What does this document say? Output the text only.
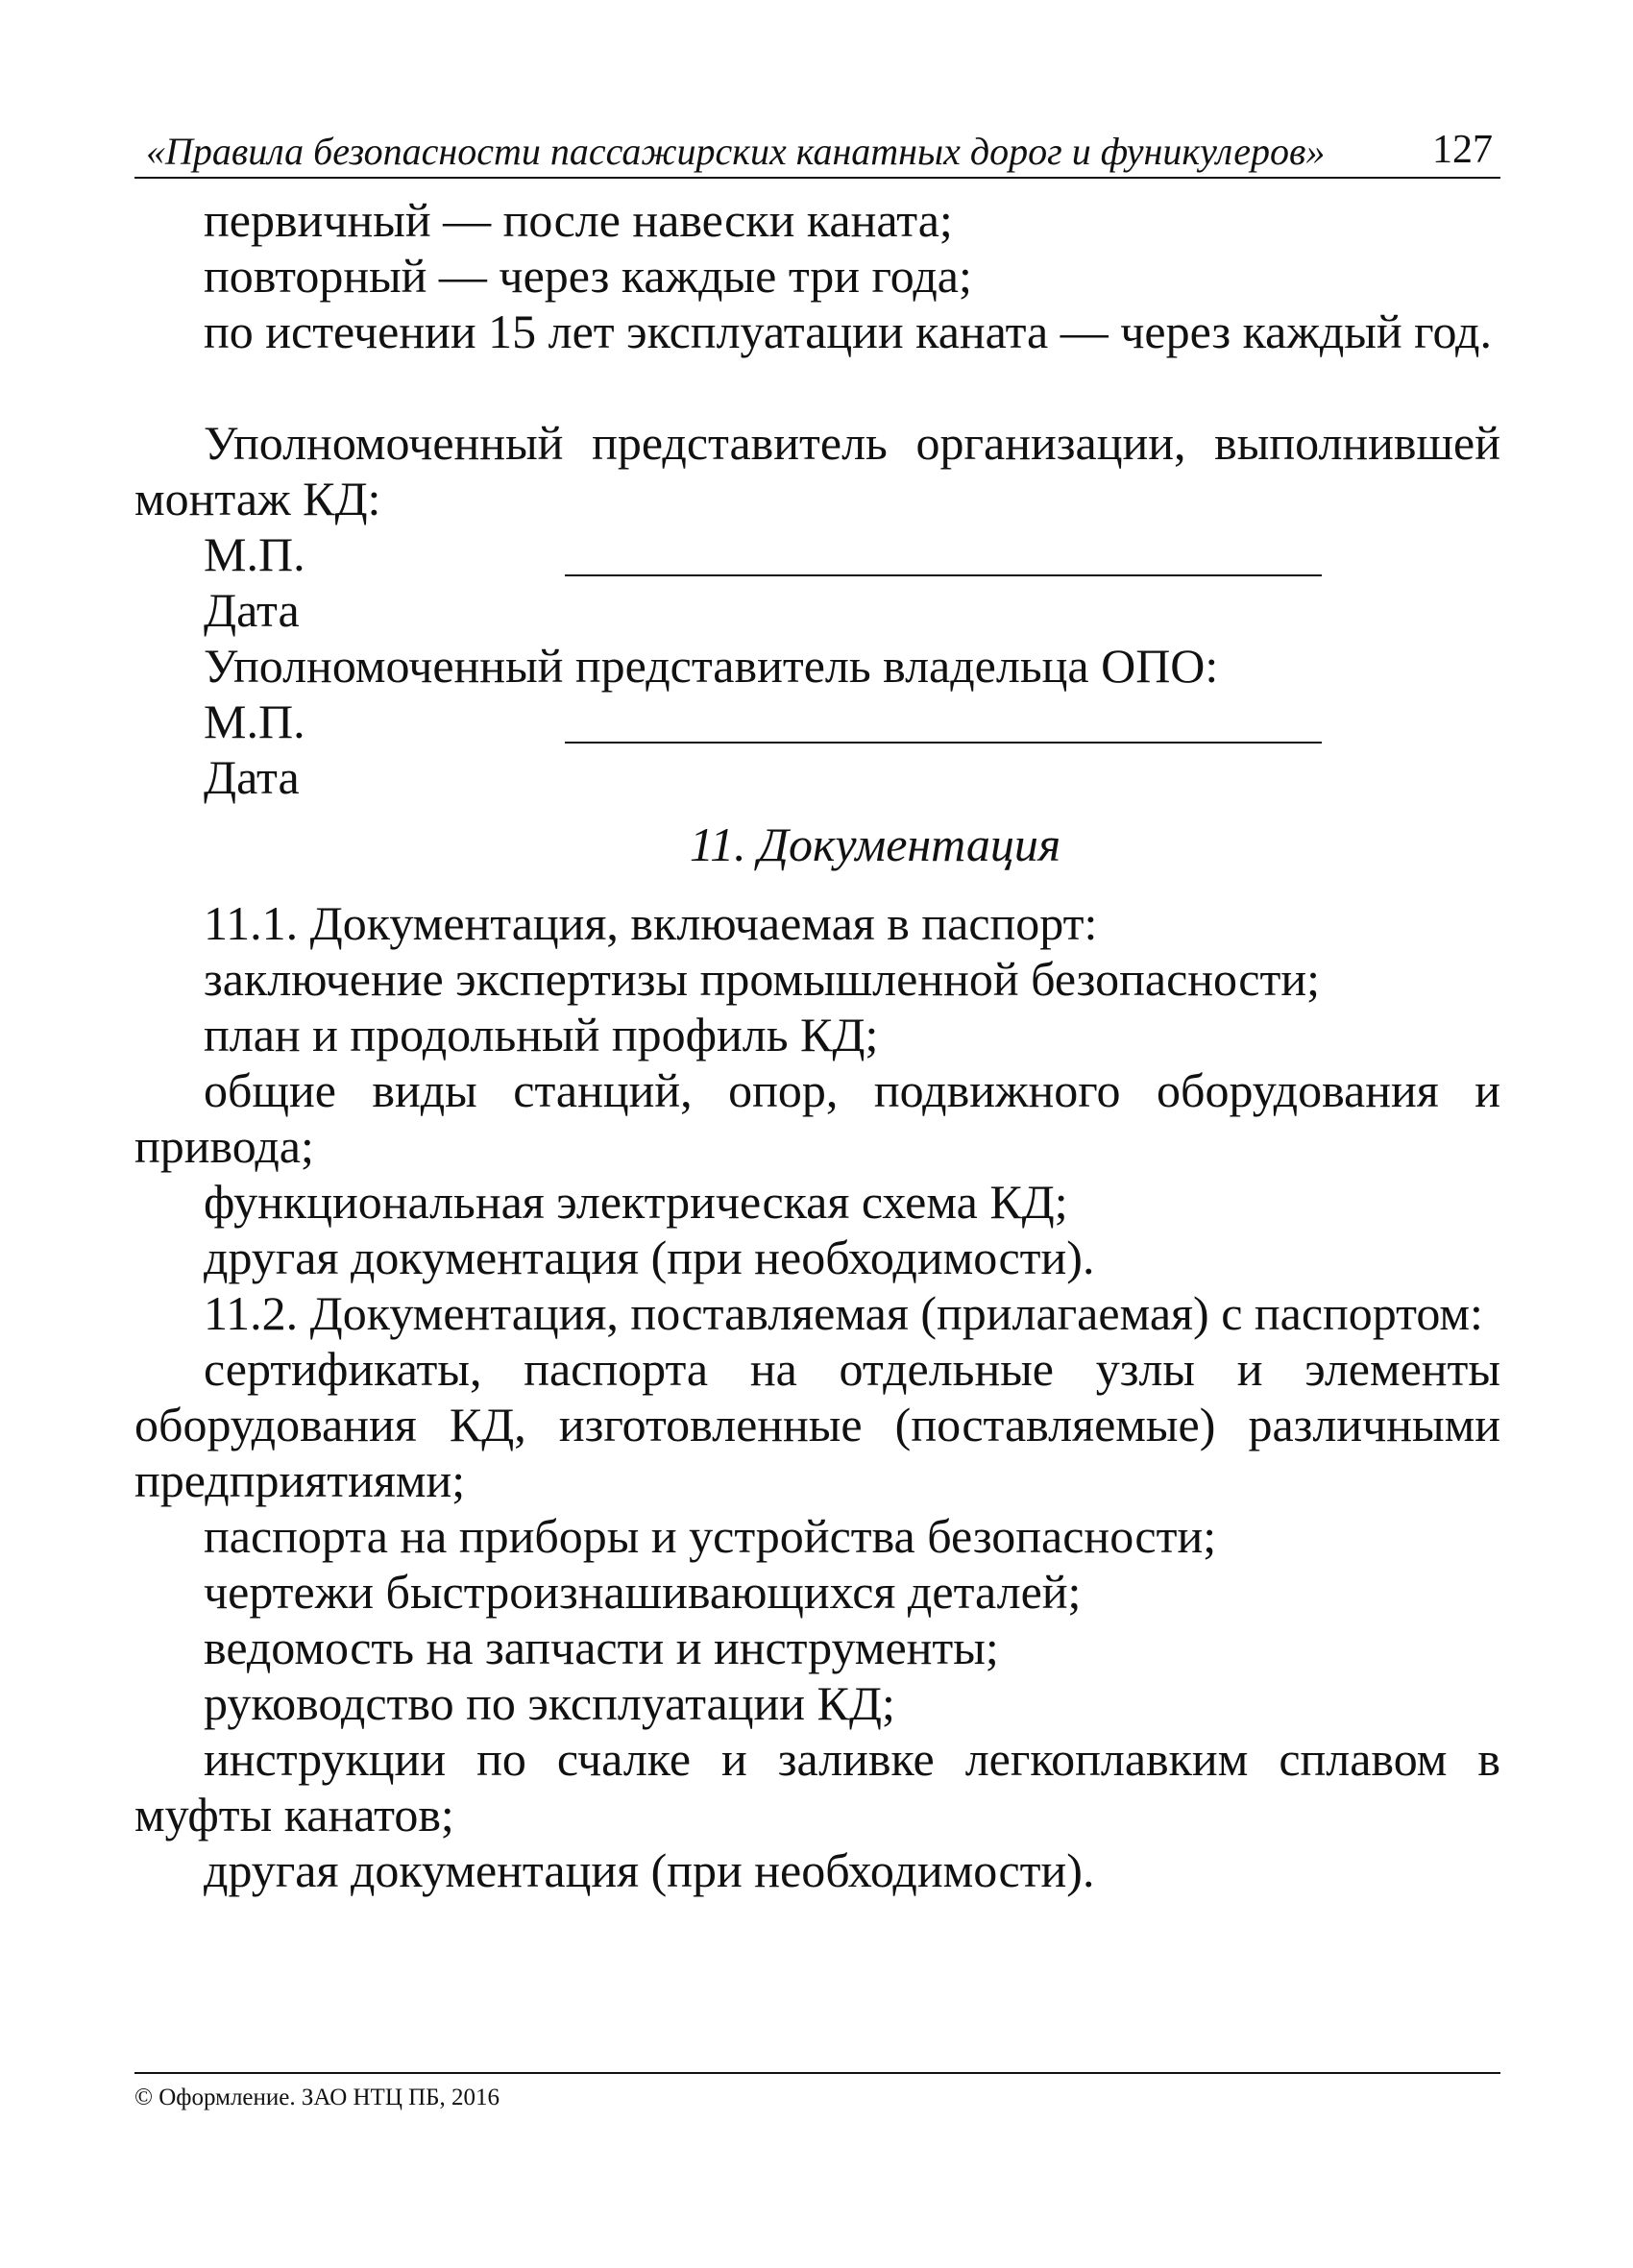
«Правила безопасности пассажирских канатных дорог и фуникулеров»	127
первичный — после навески каната;
повторный — через каждые три года;
по истечении 15 лет эксплуатации каната — через каждый год.
Уполномоченный представитель организации, выполнившей монтаж КД:
М.П.
Дата
Уполномоченный представитель владельца ОПО:
М.П.
Дата
11. Документация
11.1. Документация, включаемая в паспорт:
заключение экспертизы промышленной безопасности;
план и продольный профиль КД;
общие виды станций, опор, подвижного оборудования и привода;
функциональная электрическая схема КД;
другая документация (при необходимости).
11.2. Документация, поставляемая (прилагаемая) с паспортом:
сертификаты, паспорта на отдельные узлы и элементы оборудования КД, изготовленные (поставляемые) различными предприятиями;
паспорта на приборы и устройства безопасности;
чертежи быстроизнашивающихся деталей;
ведомость на запчасти и инструменты;
руководство по эксплуатации КД;
инструкции по счалке и заливке легкоплавким сплавом в муфты канатов;
другая документация (при необходимости).
© Оформление. ЗАО НТЦ ПБ, 2016
